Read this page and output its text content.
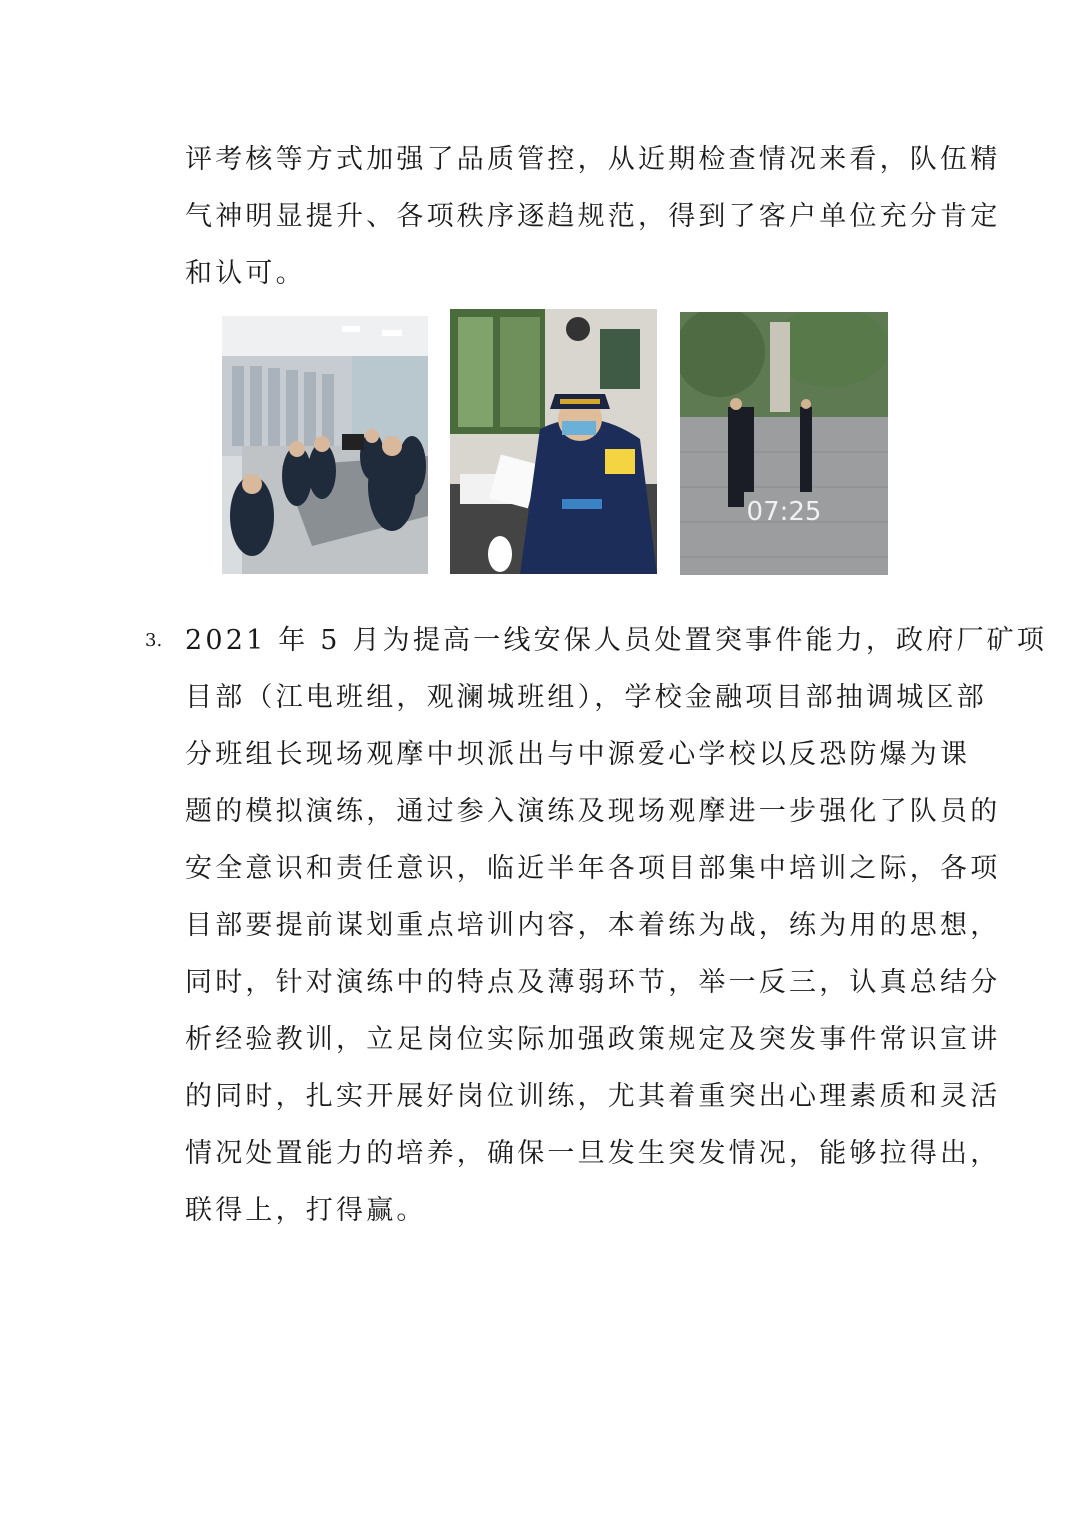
评考核等方式加强了品质管控，从近期检查情况来看，队伍精
气神明显提升、各项秩序逐趋规范，得到了客户单位充分肯定
和认可。
07:25
3. 2021 年 5 月为提高一线安保人员处置突事件能力，政府厂矿项
目部（江电班组，观澜城班组），学校金融项目部抽调城区部
分班组长现场观摩中坝派出与中源爱心学校以反恐防爆为课
题的模拟演练，通过参入演练及现场观摩进一步强化了队员的
安全意识和责任意识，临近半年各项目部集中培训之际，各项
目部要提前谋划重点培训内容，本着练为战，练为用的思想，
同时，针对演练中的特点及薄弱环节，举一反三，认真总结分
析经验教训，立足岗位实际加强政策规定及突发事件常识宣讲
的同时，扎实开展好岗位训练，尤其着重突出心理素质和灵活
情况处置能力的培养，确保一旦发生突发情况，能够拉得出，
联得上，打得赢。
